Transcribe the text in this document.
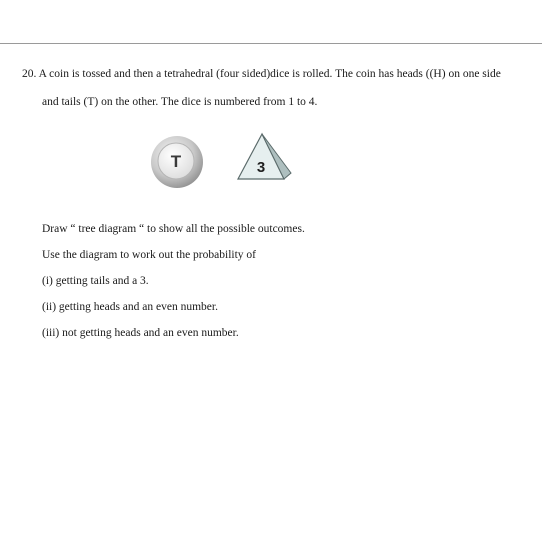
20. A coin is tossed and then a tetrahedral (four sided)dice is rolled. The coin has heads ((H) on one side
and tails (T) on the other. The dice is numbered from 1 to 4.
T	3
Draw “ tree diagram “ to show all the possible outcomes.
Use the diagram to work out the probability of
(i) getting tails and a 3.
(ii) getting heads and an even number.
(iii) not getting heads and an even number.
